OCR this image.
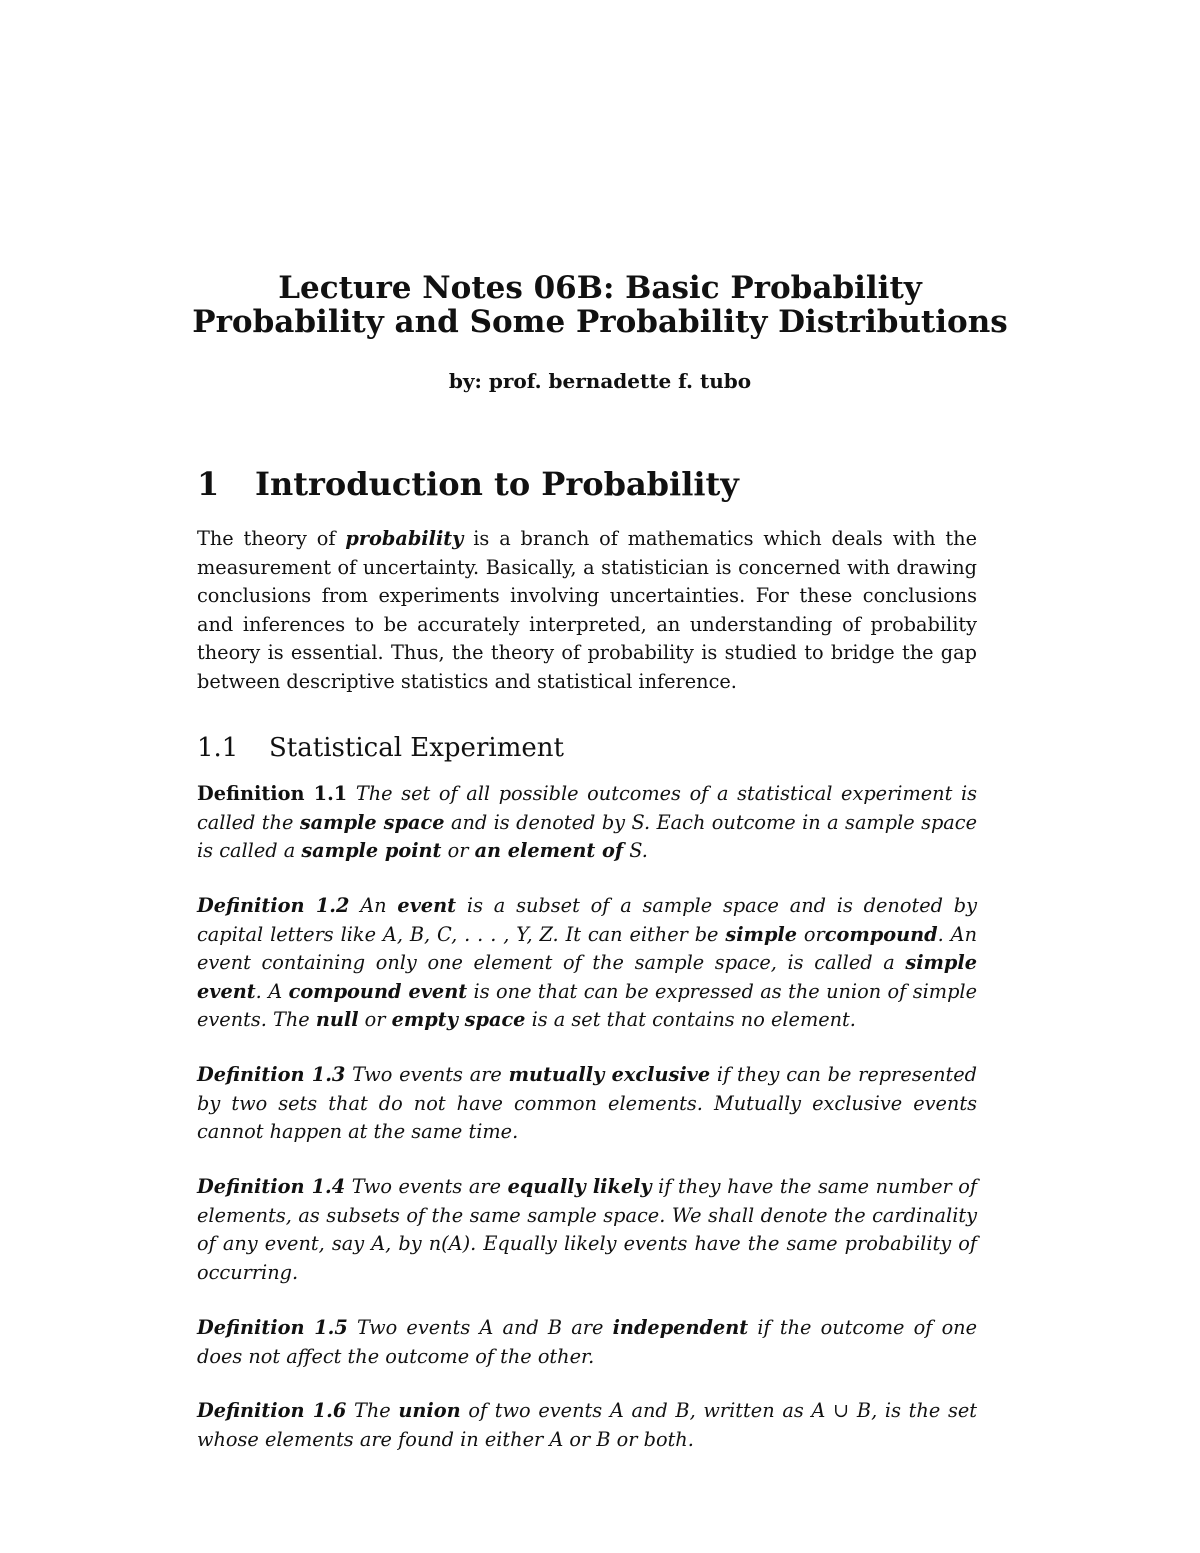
Lecture Notes 06B: Basic Probability
Probability and Some Probability Distributions
by: prof. bernadette f. tubo
1 Introduction to Probability

The theory of probability is a branch of mathematics which deals with the measurement of uncertainty. Basically, a statistician is concerned with drawing conclusions from experiments involving uncertainties. For these conclusions and inferences to be accurately interpreted, an understanding of probability theory is essential. Thus, the theory of probability is studied to bridge the gap between descriptive statistics and statistical inference.

1.1 Statistical Experiment

Definition 1.1 The set of all possible outcomes of a statistical experiment is called the sample space and is denoted by S. Each outcome in a sample space is called a sample point or an element of S.

Definition 1.2 An event is a subset of a sample space and is denoted by capital letters like A, B, C, . . . , Y, Z. It can either be simple orcompound. An event containing only one element of the sample space, is called a simple event. A compound event is one that can be expressed as the union of simple events. The null or empty space is a set that contains no element.

Definition 1.3 Two events are mutually exclusive if they can be represented by two sets that do not have common elements. Mutually exclusive events cannot happen at the same time.

Definition 1.4 Two events are equally likely if they have the same number of elements, as subsets of the same sample space. We shall denote the cardinality of any event, say A, by n(A). Equally likely events have the same probability of occurring.

Definition 1.5 Two events A and B are independent if the outcome of one does not affect the outcome of the other.

Definition 1.6 The union of two events A and B, written as A ∪ B, is the set whose elements are found in either A or B or both.
